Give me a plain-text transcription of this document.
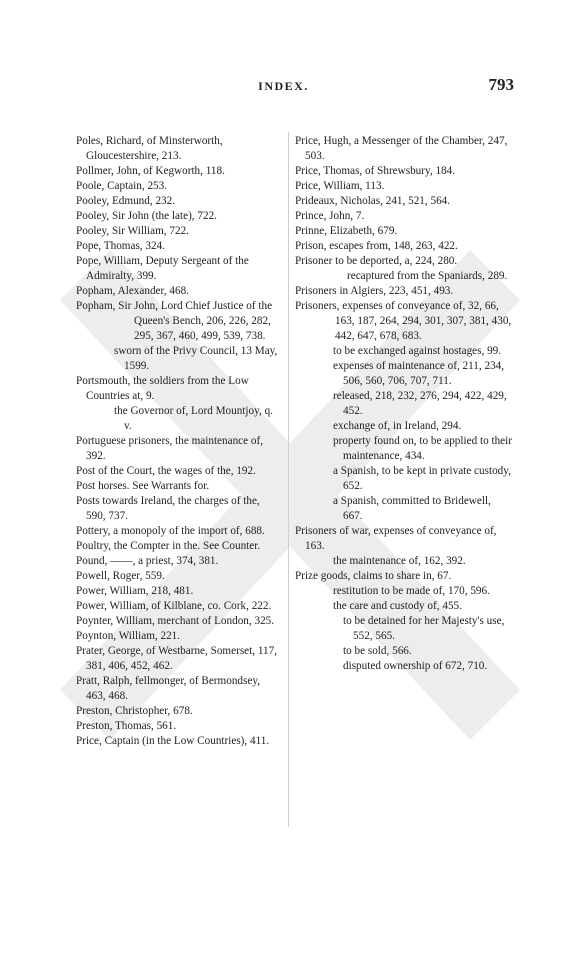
INDEX.	793

Poles, Richard, of Minsterworth, Gloucestershire, 213.

Pollmer, John, of Kegworth, 118.

Poole, Captain, 253.

Pooley, Edmund, 232.

Pooley, Sir John (the late), 722.

Pooley, Sir William, 722.

Pope, Thomas, 324.

Pope, William, Deputy Sergeant of the Admiralty, 399.

Popham, Alexander, 468.

Popham, Sir John, Lord Chief Justice of the Queen's Bench, 206, 226, 282, 295, 367, 460, 499, 539, 738.

sworn of the Privy Council, 13 May, 1599.

Portsmouth, the soldiers from the Low Countries at, 9.

the Governor of, Lord Mountjoy, q. v.

Portuguese prisoners, the maintenance of, 392.

Post of the Court, the wages of the, 192.

Post horses. See Warrants for.

Posts towards Ireland, the charges of the, 590, 737.

Pottery, a monopoly of the import of, 688.

Poultry, the Compter in the. See Counter.

Pound, ——, a priest, 374, 381.

Powell, Roger, 559.

Power, William, 218, 481.

Power, William, of Kilblane, co. Cork, 222.

Poynter, William, merchant of London, 325.

Poynton, William, 221.

Prater, George, of Westbarne, Somerset, 117, 381, 406, 452, 462.

Pratt, Ralph, fellmonger, of Bermondsey, 463, 468.

Preston, Christopher, 678.

Preston, Thomas, 561.

Price, Captain (in the Low Countries), 411.

Price, Hugh, a Messenger of the Chamber, 247, 503.

Price, Thomas, of Shrewsbury, 184.

Price, William, 113.

Prideaux, Nicholas, 241, 521, 564.

Prince, John, 7.

Prinne, Elizabeth, 679.

Prison, escapes from, 148, 263, 422.

Prisoner to be deported, a, 224, 280.

recaptured from the Spaniards, 289.

Prisoners in Algiers, 223, 451, 493.

Prisoners, expenses of conveyance of, 32, 66, 163, 187, 264, 294, 301, 307, 381, 430, 442, 647, 678, 683.

to be exchanged against hostages, 99.

expenses of maintenance of, 211, 234, 506, 560, 706, 707, 711.

released, 218, 232, 276, 294, 422, 429, 452.

exchange of, in Ireland, 294.

property found on, to be applied to their maintenance, 434.

a Spanish, to be kept in private custody, 652.

a Spanish, committed to Bridewell, 667.

Prisoners of war, expenses of conveyance of, 163.

the maintenance of, 162, 392.

Prize goods, claims to share in, 67.

restitution to be made of, 170, 596.

the care and custody of, 455.

to be detained for her Majesty's use, 552, 565.

to be sold, 566.

disputed ownership of 672, 710.
